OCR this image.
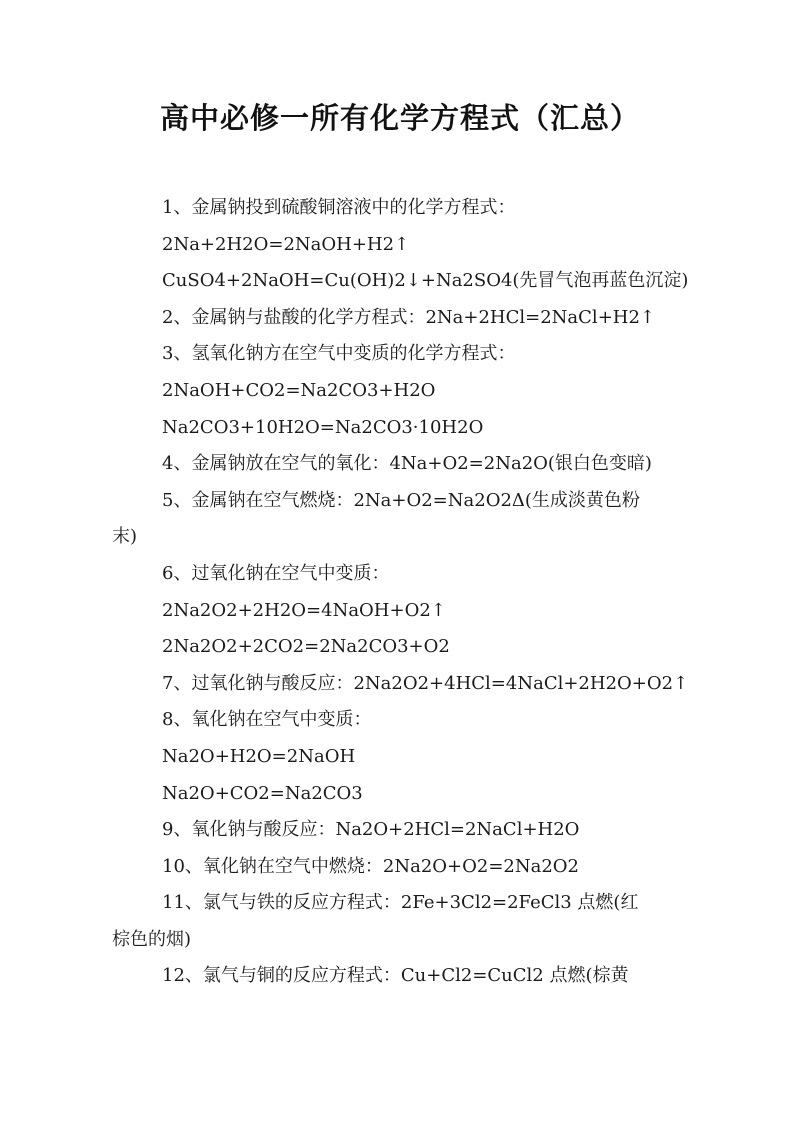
高中必修一所有化学方程式（汇总）
1、金属钠投到硫酸铜溶液中的化学方程式：
2Na+2H2O=2NaOH+H2↑
CuSO4+2NaOH=Cu(OH)2↓+Na2SO4(先冒气泡再蓝色沉淀)
2、金属钠与盐酸的化学方程式：2Na+2HCl=2NaCl+H2↑
3、氢氧化钠方在空气中变质的化学方程式：
2NaOH+CO2=Na2CO3+H2O
Na2CO3+10H2O=Na2CO3·10H2O
4、金属钠放在空气的氧化：4Na+O2=2Na2O(银白色变暗)
5、金属钠在空气燃烧：2Na+O2=Na2O2Δ(生成淡黄色粉
末)
6、过氧化钠在空气中变质：
2Na2O2+2H2O=4NaOH+O2↑
2Na2O2+2CO2=2Na2CO3+O2
7、过氧化钠与酸反应：2Na2O2+4HCl=4NaCl+2H2O+O2↑
8、氧化钠在空气中变质：
Na2O+H2O=2NaOH
Na2O+CO2=Na2CO3
9、氧化钠与酸反应：Na2O+2HCl=2NaCl+H2O
10、氧化钠在空气中燃烧：2Na2O+O2=2Na2O2
11、氯气与铁的反应方程式：2Fe+3Cl2=2FeCl3 点燃(红
棕色的烟)
12、氯气与铜的反应方程式：Cu+Cl2=CuCl2 点燃(棕黄
